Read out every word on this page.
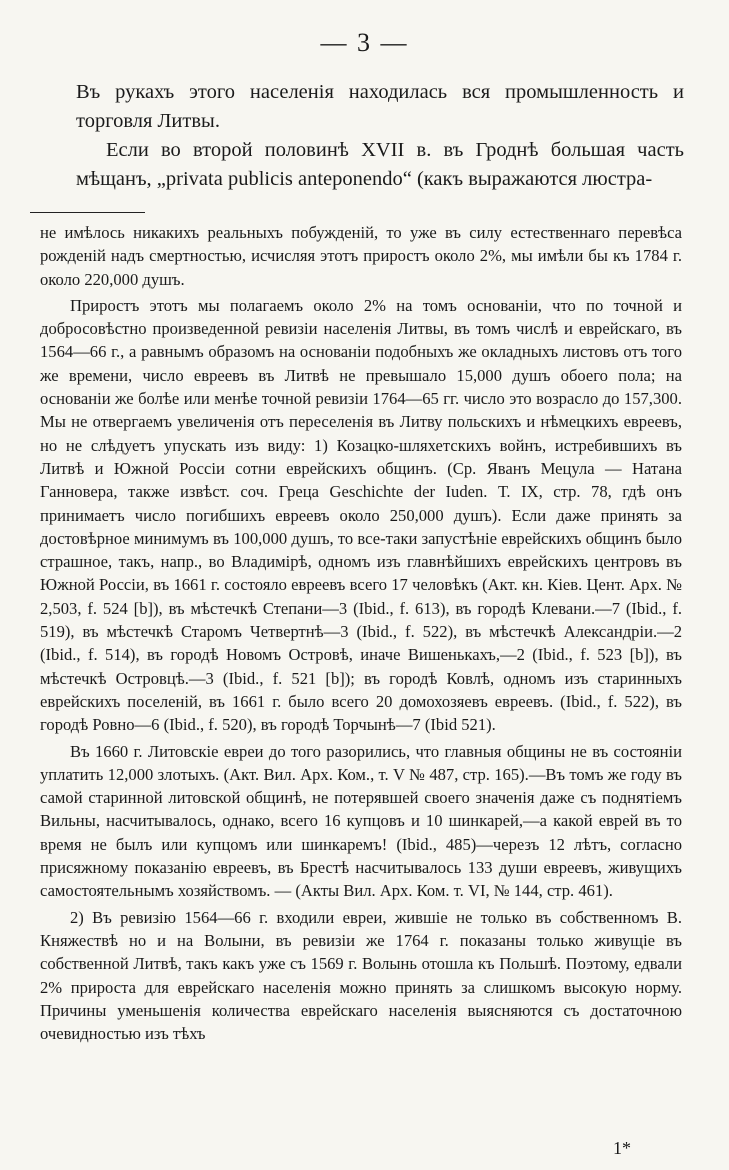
— 3 —

Въ рукахъ этого населенія находилась вся промышленность и торговля Литвы.

Если во второй половинѣ XVII в. въ Гроднѣ большая часть мѣщанъ, „privata publicis anteponendo“ (какъ выражаются люстра-

не имѣлось никакихъ реальныхъ побужденій, то уже въ силу естественнаго перевѣса рожденій надъ смертностью, исчисляя этотъ приростъ около 2%, мы имѣли бы къ 1784 г. около 220,000 душъ.

Приростъ этотъ мы полагаемъ около 2% на томъ основаніи, что по точной и добросовѣстно произведенной ревизіи населенія Литвы, въ томъ числѣ и еврейскаго, въ 1564—66 г., а равнымъ образомъ на основаніи подобныхъ же окладныхъ листовъ отъ того же времени, число евреевъ въ Литвѣ не превышало 15,000 душъ обоего пола; на основаніи же болѣе или менѣе точной ревизіи 1764—65 гг. число это возрасло до 157,300. Мы не отвергаемъ увеличенія отъ переселенія въ Литву польскихъ и нѣмецкихъ евреевъ, но не слѣдуетъ упускать изъ виду: 1) Козацко-шляхетскихъ войнъ, истребившихъ въ Литвѣ и Южной Россіи сотни еврейскихъ общинъ. (Ср. Яванъ Мецула — Натана Ганновера, также извѣст. соч. Греца Geschichte der Iuden. Т. IX, стр. 78, гдѣ онъ принимаетъ число погибшихъ евреевъ около 250,000 душъ). Если даже принять за достовѣрное минимумъ въ 100,000 душъ, то все-таки запустѣніе еврейскихъ общинъ было страшное, такъ, напр., во Владимірѣ, одномъ изъ главнѣйшихъ еврейскихъ центровъ въ Южной Россіи, въ 1661 г. состояло евреевъ всего 17 человѣкъ (Акт. кн. Кіев. Цент. Арх. № 2,503, f. 524 [b]), въ мѣстечкѣ Степани—3 (Ibid., f. 613), въ городѣ Клевани.—7 (Ibid., f. 519), въ мѣстечкѣ Старомъ Четвертнѣ—3 (Ibid., f. 522), въ мѣстечкѣ Александріи.—2 (Ibid., f. 514), въ городѣ Новомъ Островѣ, иначе Вишенькахъ,—2 (Ibid., f. 523 [b]), въ мѣстечкѣ Островцѣ.—3 (Ibid., f. 521 [b]); въ городѣ Ковлѣ, одномъ изъ старинныхъ еврейскихъ поселеній, въ 1661 г. было всего 20 домохозяевъ евреевъ. (Ibid., f. 522), въ городѣ Ровно—6 (Ibid., f. 520), въ городѣ Торчынѣ—7 (Ibid 521).

Въ 1660 г. Литовскіе евреи до того разорились, что главныя общины не въ состояніи уплатить 12,000 злотыхъ. (Акт. Вил. Арх. Ком., т. V № 487, стр. 165).—Въ томъ же году въ самой старинной литовской общинѣ, не потерявшей своего значенія даже съ поднятіемъ Вильны, насчитывалось, однако, всего 16 купцовъ и 10 шинкарей,—а какой еврей въ то время не былъ или купцомъ или шинкаремъ! (Ibid., 485)—черезъ 12 лѣтъ, согласно присяжному показанію евреевъ, въ Брестѣ насчитывалось 133 души евреевъ, живущихъ самостоятельнымъ хозяйствомъ. — (Акты Вил. Арх. Ком. т. VI, № 144, стр. 461).

2) Въ ревизію 1564—66 г. входили евреи, жившіе не только въ собственномъ В. Княжествѣ но и на Волыни, въ ревизіи же 1764 г. показаны только живущіе въ собственной Литвѣ, такъ какъ уже съ 1569 г. Волынь отошла къ Польшѣ. Поэтому, едвали 2% прироста для еврейскаго населенія можно принять за слишкомъ высокую норму. Причины уменьшенія количества еврейскаго населенія выясняются съ достаточною очевидностью изъ тѣхъ

1*
